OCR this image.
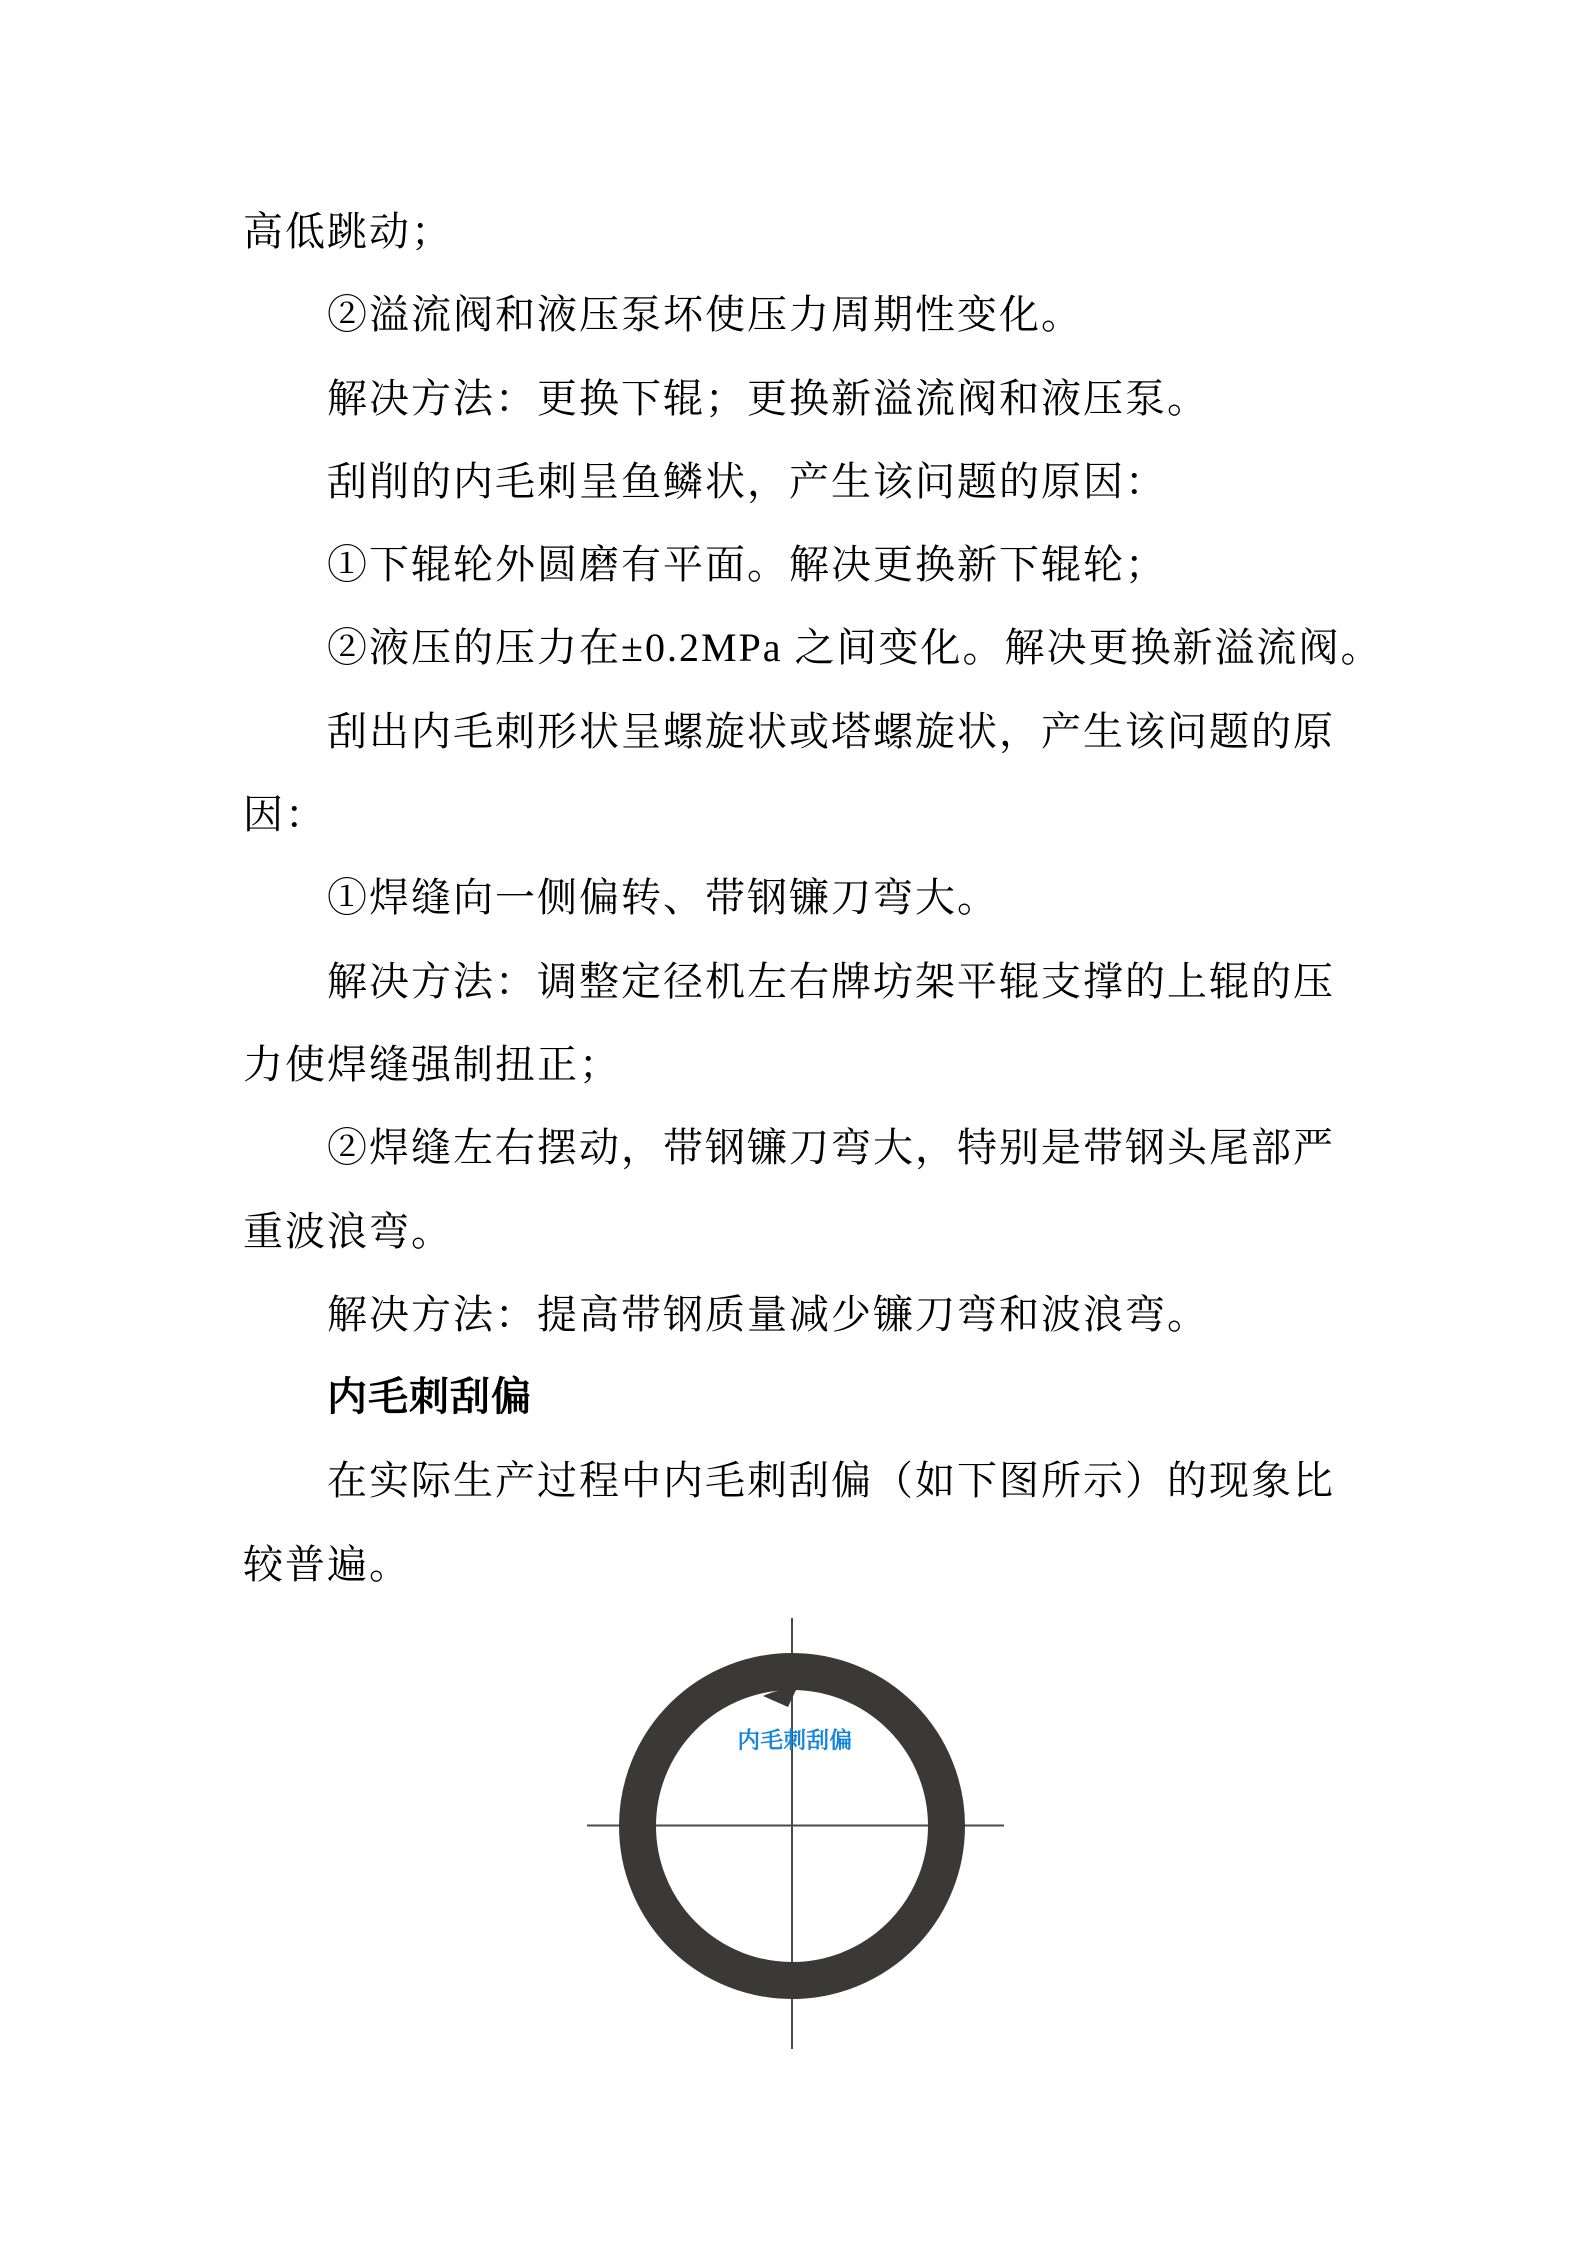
高低跳动；
②溢流阀和液压泵坏使压力周期性变化。
解决方法：更换下辊；更换新溢流阀和液压泵。
刮削的内毛刺呈鱼鳞状，产生该问题的原因：
①下辊轮外圆磨有平面。解决更换新下辊轮；
②液压的压力在±0.2MPa 之间变化。解决更换新溢流阀。
刮出内毛刺形状呈螺旋状或塔螺旋状，产生该问题的原
因：
①焊缝向一侧偏转、带钢镰刀弯大。
解决方法：调整定径机左右牌坊架平辊支撑的上辊的压
力使焊缝强制扭正；
②焊缝左右摆动，带钢镰刀弯大，特别是带钢头尾部严
重波浪弯。
解决方法：提高带钢质量减少镰刀弯和波浪弯。
内毛刺刮偏
在实际生产过程中内毛刺刮偏（如下图所示）的现象比
较普遍。
内毛刺刮偏
